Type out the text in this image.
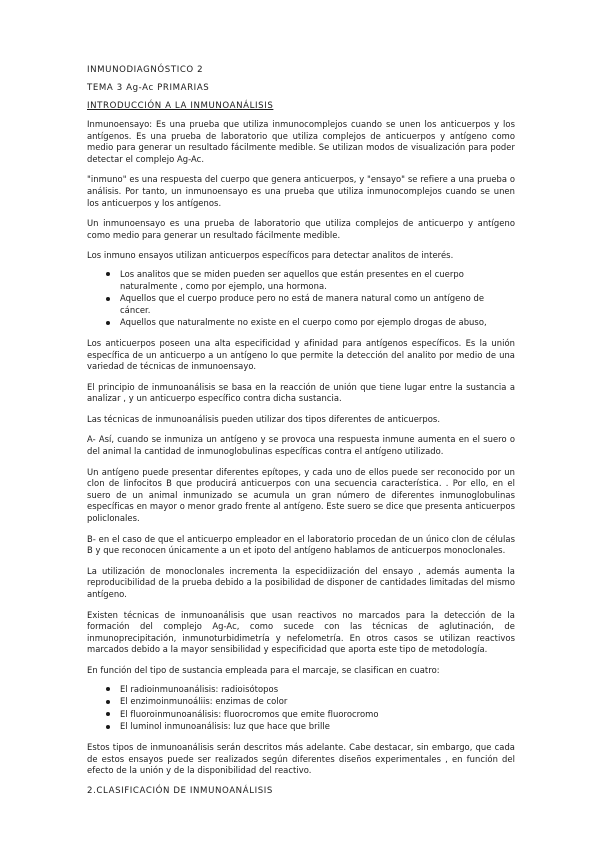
INMUNODIAGNÓSTICO 2
TEMA 3 Ag-Ac PRIMARIAS
INTRODUCCIÓN A LA INMUNOANÁLISIS

Inmunoensayo: Es una prueba que utiliza inmunocomplejos cuando se unen los anticuerpos y los antígenos. Es una prueba de laboratorio que utiliza complejos de anticuerpos y antígeno como medio para generar un resultado fácilmente medible. Se utilizan modos de visualización para poder detectar el complejo Ag-Ac.

"inmuno" es una respuesta del cuerpo que genera anticuerpos, y "ensayo" se refiere a una prueba o análisis. Por tanto, un inmunoensayo es una prueba que utiliza inmunocomplejos cuando se unen los anticuerpos y los antígenos.

Un inmunoensayo es una prueba de laboratorio que utiliza complejos de anticuerpo y antígeno como medio para generar un resultado fácilmente medible.

Los inmuno ensayos utilizan anticuerpos específicos para detectar analitos de interés.

Los analitos que se miden pueden ser aquellos que están presentes en el cuerpo naturalmente , como por ejemplo, una hormona.
Aquellos que el cuerpo produce pero no está de manera natural como un antígeno de cáncer.
Aquellos que naturalmente no existe en el cuerpo como por ejemplo drogas de abuso,

Los anticuerpos poseen una alta especificidad y afinidad para antígenos específicos. Es la unión específica de un anticuerpo a un antígeno lo que permite la detección del analito por medio de una variedad de técnicas de inmunoensayo.

El principio de inmunoanálisis se basa en la reacción de unión que tiene lugar entre la sustancia a analizar , y un anticuerpo específico contra dicha sustancia.

Las técnicas de inmunoanálisis pueden utilizar dos tipos diferentes de anticuerpos.

A- Así, cuando se inmuniza un antígeno y se provoca una respuesta inmune aumenta en el suero o del animal la cantidad de inmunoglobulinas específicas contra el antígeno utilizado.

Un antígeno puede presentar diferentes epítopes, y cada uno de ellos puede ser reconocido por un clon de linfocitos B que producirá anticuerpos con una secuencia característica. . Por ello, en el suero de un animal inmunizado se acumula un gran número de diferentes inmunoglobulinas específicas en mayor o menor grado frente al antígeno. Este suero se dice que presenta anticuerpos policlonales.

B- en el caso de que el anticuerpo empleador en el laboratorio procedan de un único clon de células B y que reconocen únicamente a un et ipoto del antígeno hablamos de anticuerpos monoclonales.

La utilización de monoclonales incrementa la especidiización del ensayo , además aumenta la reproducibilidad de la prueba debido a la posibilidad de disponer de cantidades limitadas del mismo antígeno.

Existen técnicas de inmunoanálisis que usan reactivos no marcados para la detección de la formación del complejo Ag-Ac, como sucede con las técnicas de aglutinación, de inmunoprecipitación, inmunoturbidimetría y nefelometría. En otros casos se utilizan reactivos marcados debido a la mayor sensibilidad y especificidad que aporta este tipo de metodología.

En función del tipo de sustancia empleada para el marcaje, se clasifican en cuatro:

El radioinmunoanálisis: radioisótopos
El enzimoinmunoáliis: enzimas de color
El fluoroinmunoanálisis: fluorocromos que emite fluorocromo
El luminol inmunoanálisis: luz que hace que brille

Estos tipos de inmunoanálisis serán descritos más adelante. Cabe destacar, sin embargo, que cada de estos ensayos puede ser realizados según diferentes diseños experimentales , en función del efecto de la unión y de la disponibilidad del reactivo.

2.CLASIFICACIÓN DE INMUNOANÁLISIS
